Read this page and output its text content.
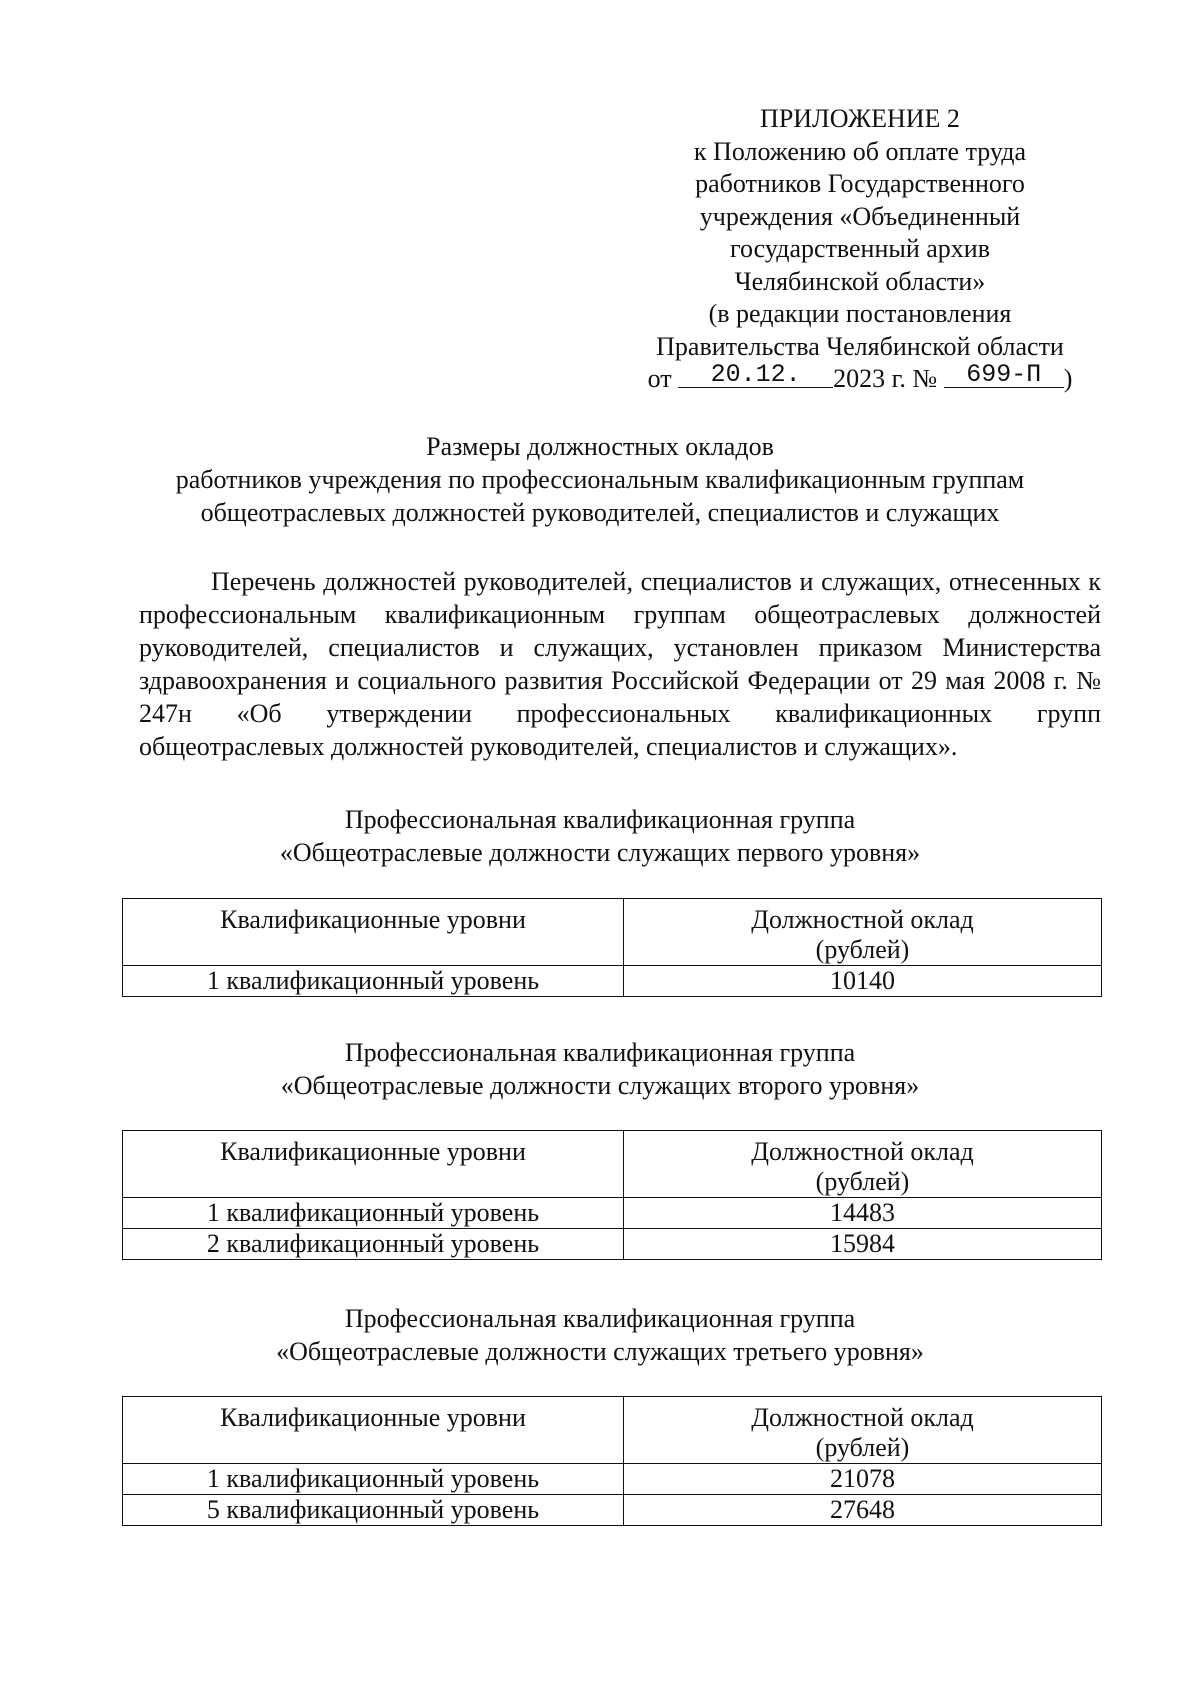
ПРИЛОЖЕНИЕ 2
к Положению об оплате труда
работников Государственного
учреждения «Объединенный
государственный архив
Челябинской области»
(в редакции постановления
Правительства Челябинской области
от 20.12. 2023 г. № 699-П )
Размеры должностных окладов
работников учреждения по профессиональным квалификационным группам
общеотраслевых должностей руководителей, специалистов и служащих

Перечень должностей руководителей, специалистов и служащих, отнесенных к профессиональным квалификационным группам общеотраслевых должностей руководителей, специалистов и служащих, установлен приказом Министерства здравоохранения и социального развития Российской Федерации от 29 мая 2008 г. № 247н «Об утверждении профессиональных квалификационных групп общеотраслевых должностей руководителей, специалистов и служащих».

Профессиональная квалификационная группа
«Общеотраслевые должности служащих первого уровня»
Квалификационные уровни	Должностной оклад
(рублей)

1 квалификационный уровень	10140
Профессиональная квалификационная группа
«Общеотраслевые должности служащих второго уровня»
Квалификационные уровни	Должностной оклад
(рублей)

1 квалификационный уровень	14483
2 квалификационный уровень	15984
Профессиональная квалификационная группа
«Общеотраслевые должности служащих третьего уровня»
Квалификационные уровни	Должностной оклад
(рублей)

1 квалификационный уровень	21078
5 квалификационный уровень	27648
